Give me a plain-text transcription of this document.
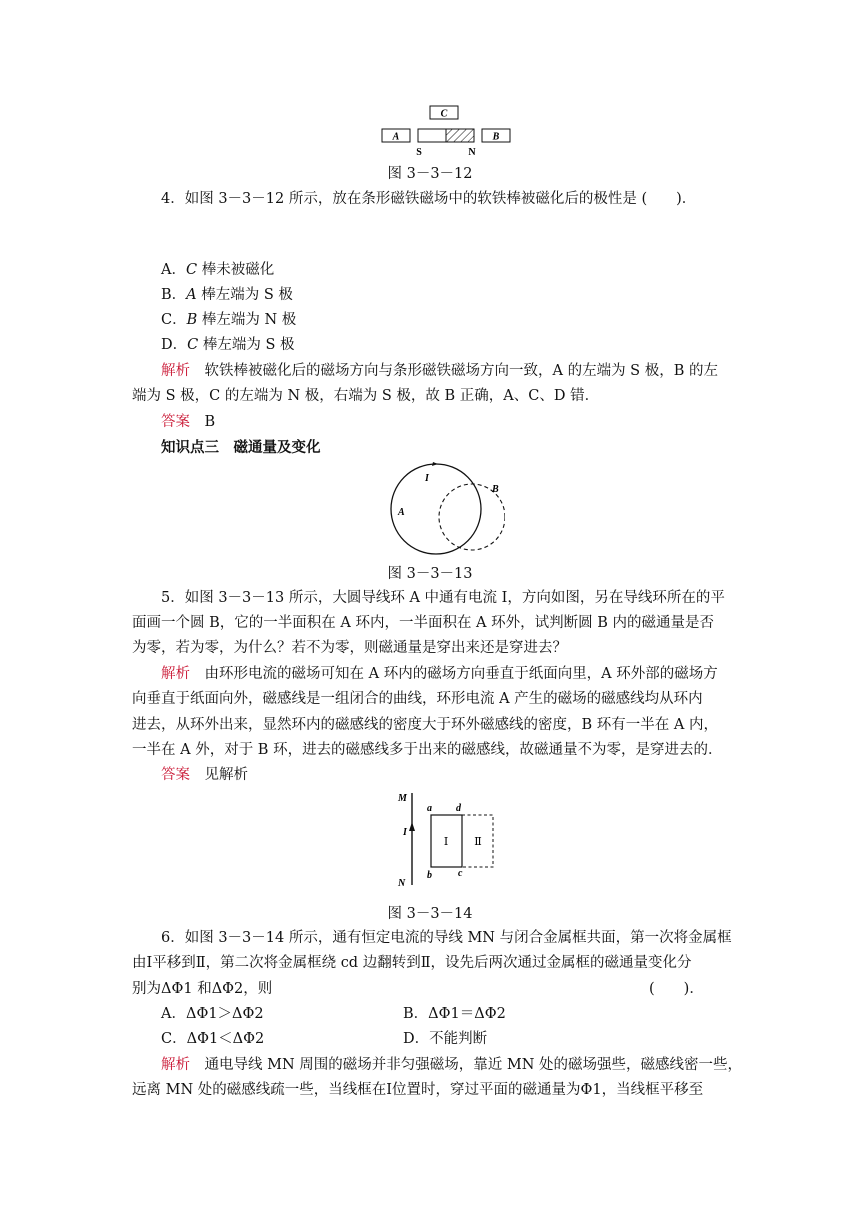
C
A	B
S	N
图 3－3－12
4．如图 3－3－12 所示，放在条形磁铁磁场中的软铁棒被磁化后的极性是 (　　)．
A．C 棒未被磁化
B．A 棒左端为 S 极
C．B 棒左端为 N 极
D．C 棒左端为 S 极
解析　 软铁棒被磁化后的磁场方向与条形磁铁磁场方向一致，A 的左端为 S 极，B 的左
端为 S 极，C 的左端为 N 极，右端为 S 极，故 B 正确，A、C、D 错．
答案　 B
知识点三　磁通量及变化
I
A
B
图 3－3－13
5．如图 3－3－13 所示，大圆导线环 A 中通有电流 I，方向如图，另在导线环所在的平
面画一个圆 B，它的一半面积在 A 环内，一半面积在 A 环外，试判断圆 B 内的磁通量是否
为零，若为零，为什么？若不为零，则磁通量是穿出来还是穿进去？
解析　 由环形电流的磁场可知在 A 环内的磁场方向垂直于纸面向里，A 环外部的磁场方
向垂直于纸面向外，磁感线是一组闭合的曲线，环形电流 A 产生的磁场的磁感线均从环内
进去，从环外出来，显然环内的磁感线的密度大于环外磁感线的密度，B 环有一半在 A 内，
一半在 A 外，对于 B 环，进去的磁感线多于出来的磁感线，故磁通量不为零，是穿进去的．
答案　 见解析
M
I
N
a d
b	c
Ⅰ Ⅱ
图 3－3－14
6．如图 3－3－14 所示，通有恒定电流的导线 MN 与闭合金属框共面，第一次将金属框
由Ⅰ平移到Ⅱ，第二次将金属框绕 cd 边翻转到Ⅱ，设先后两次通过金属框的磁通量变化分
别为ΔΦ1 和ΔΦ2，则	(　　)．
A．ΔΦ1＞ΔΦ2	B．ΔΦ1＝ΔΦ2
C．ΔΦ1＜ΔΦ2	D．不能判断
解析　 通电导线 MN 周围的磁场并非匀强磁场，靠近 MN 处的磁场强些，磁感线密一些，
远离 MN 处的磁感线疏一些，当线框在Ⅰ位置时，穿过平面的磁通量为Φ1，当线框平移至
